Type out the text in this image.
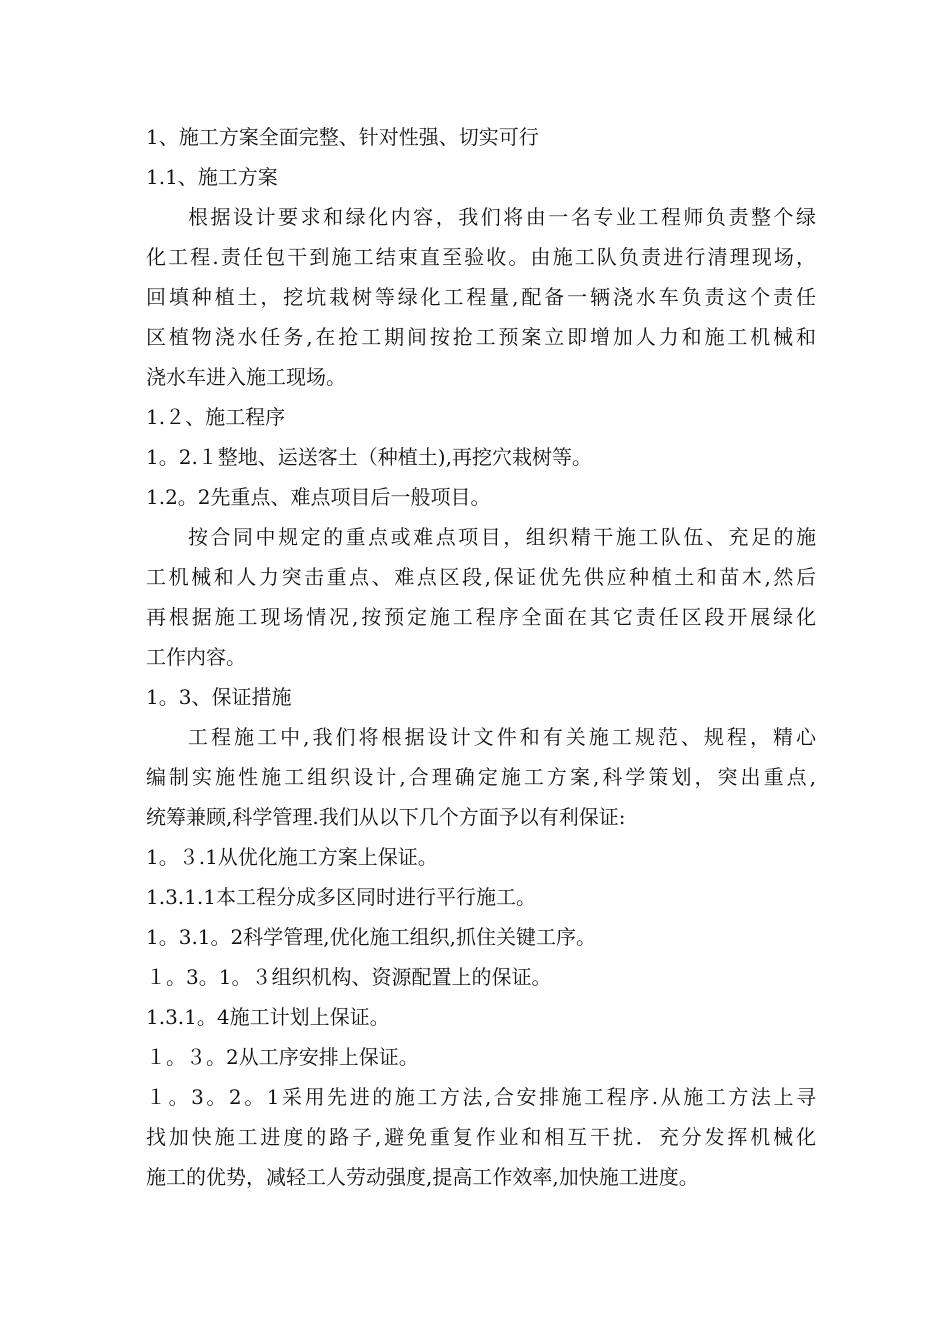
1、施工方案全面完整、针对性强、切实可行
1.1、施工方案
根据设计要求和绿化内容，我们将由一名专业工程师负责整个绿
化工程.责任包干到施工结束直至验收。由施工队负责进行清理现场，
回填种植土，挖坑栽树等绿化工程量,配备一辆浇水车负责这个责任
区植物浇水任务,在抢工期间按抢工预案立即增加人力和施工机械和
浇水车进入施工现场。
1.２、施工程序
1。2.１整地、运送客土（种植土),再挖穴栽树等。
1.2。2先重点、难点项目后一般项目。
按合同中规定的重点或难点项目，组织精干施工队伍、充足的施
工机械和人力突击重点、难点区段,保证优先供应种植土和苗木,然后
再根据施工现场情况,按预定施工程序全面在其它责任区段开展绿化
工作内容。
1。3、保证措施
工程施工中,我们将根据设计文件和有关施工规范、规程，精心
编制实施性施工组织设计,合理确定施工方案,科学策划，突出重点,
统筹兼顾,科学管理.我们从以下几个方面予以有利保证:
1。３.1从优化施工方案上保证。
1.3.1.1本工程分成多区同时进行平行施工。
1。3.1。2科学管理,优化施工组织,抓住关键工序。
１。3。1。３组织机构、资源配置上的保证。
1.3.1。4施工计划上保证。
１。３。2从工序安排上保证。
１。3。2。1采用先进的施工方法,合安排施工程序.从施工方法上寻
找加快施工进度的路子,避免重复作业和相互干扰．充分发挥机械化
施工的优势，减轻工人劳动强度,提高工作效率,加快施工进度。
